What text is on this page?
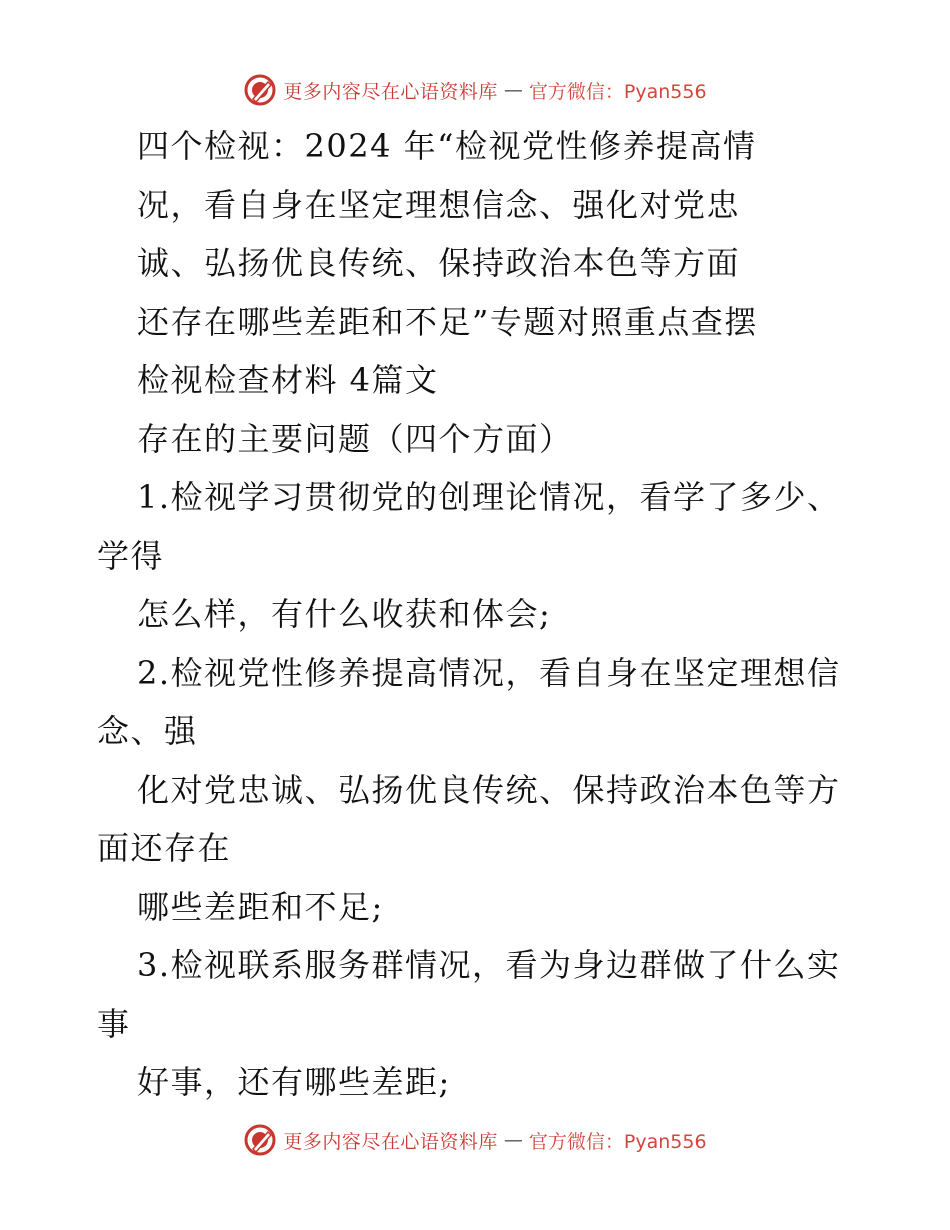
更多内容尽在心语资料库 — 官方微信：Pyan556
四个检视：2024 年“检视党性修养提高情
况，看自身在坚定理想信念、强化对党忠
诚、弘扬优良传统、保持政治本色等方面
还存在哪些差距和不足”专题对照重点查摆
检视检查材料 4篇文
存在的主要问题（四个方面）
1.检视学习贯彻党的创理论情况，看学了多少、
学得
怎么样，有什么收获和体会;
2.检视党性修养提高情况，看自身在坚定理想信
念、强
化对党忠诚、弘扬优良传统、保持政治本色等方
面还存在
哪些差距和不足;
3.检视联系服务群情况，看为身边群做了什么实
事
好事，还有哪些差距;
更多内容尽在心语资料库 — 官方微信：Pyan556
